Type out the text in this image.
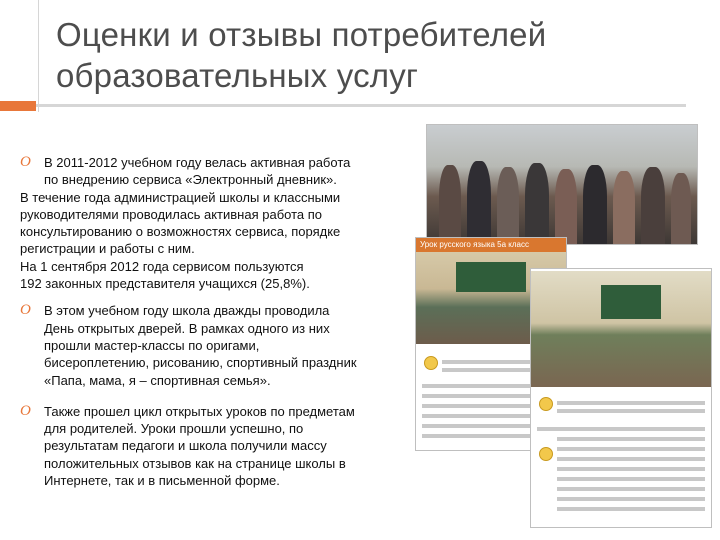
Оценки и отзывы потребителей
образовательных услуг
O В 2011-2012 учебном году велась активная работа
по внедрению сервиса «Электронный дневник».
В течение года администрацией школы и классными
руководителями проводилась активная работа по
консультированию о возможностях сервиса, порядке
регистрации и работы с ним.
На 1 сентября 2012 года сервисом пользуются
192 законных представителя учащихся (25,8%).
O В этом учебном году школа дважды проводила
День открытых дверей. В рамках одного из них
прошли мастер-классы по оригами,
бисероплетению, рисованию, спортивный праздник
«Папа, мама, я – спортивная семья».
O Также прошел цикл открытых уроков по предметам
для родителей. Уроки прошли успешно, по
результатам педагоги и школа получили массу
положительных отзывов как на странице школы в
Интернете, так и в письменной форме.
Урок русского языка 5а класс
